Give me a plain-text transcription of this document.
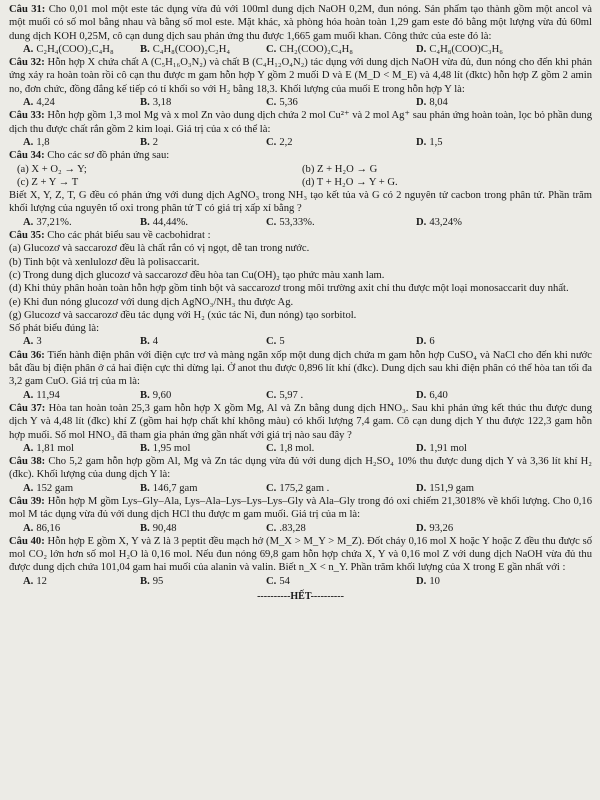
Câu 31: Cho 0,01 mol một este tác dụng vừa đủ với 100ml dung dịch NaOH 0,2M, đun nóng. Sản phẩm tạo thành gồm một ancol và một muối có số mol bằng nhau và bằng số mol este. Mặt khác, xà phòng hóa hoàn toàn 1,29 gam este đó bằng một lượng vừa đủ 60ml dung dịch KOH 0,25M, cô cạn dung dịch sau phản ứng thu được 1,665 gam muối khan. Công thức của este đó là:

A. C₂H₄(COO)₂C₄H₈	B. C₄H₈(COO)₂C₂H₄	C. CH₂(COO)₂C₄H₈	D. C₄H₈(COO)C₃H₆

Câu 32: Hỗn hợp X chứa chất A (C₅H₁₆O₃N₂) và chất B (C₄H₁₂O₄N₂) tác dụng với dung dịch NaOH vừa đủ, đun nóng cho đến khi phản ứng xảy ra hoàn toàn rồi cô cạn thu được m gam hỗn hợp Y gồm 2 muối D và E (M_D < M_E) và 4,48 lít (đktc) hỗn hợp Z gồm 2 amin no, đơn chức, đồng đẳng kế tiếp có tỉ khối so với H₂ bằng 18,3. Khối lượng của muối E trong hỗn hợp Y là:

A. 4,24	B. 3,18	C. 5,36	D. 8,04

Câu 33: Hỗn hợp gồm 1,3 mol Mg và x mol Zn vào dung dịch chứa 2 mol Cu²⁺ và 2 mol Ag⁺ sau phản ứng hoàn toàn, lọc bỏ phần dung dịch thu được chất rắn gồm 2 kim loại. Giá trị của x có thể là:

A. 1,8	B. 2	C. 2,2	D. 1,5

Câu 34: Cho các sơ đồ phản ứng sau:

(a) X + O₂ → Y;	(b) Z + H₂O → G
(c) Z + Y → T	(d) T + H₂O → Y + G.

Biết X, Y, Z, T, G đều có phản ứng với dung dịch AgNO₃ trong NH₃ tạo kết tủa và G có 2 nguyên tử cacbon trong phân tử. Phần trăm khối lượng của nguyên tố oxi trong phân tử T có giá trị xấp xỉ bằng ?

A. 37,21%.	B. 44,44%.	C. 53,33%.	D. 43,24%

Câu 35: Cho các phát biểu sau về cacbohidrat :

(a) Glucozơ và saccarozơ đều là chất rắn có vị ngọt, dễ tan trong nước.

(b) Tinh bột và xenlulozơ đều là polisaccarit.

(c) Trong dung dịch glucozơ và saccarozơ đều hòa tan Cu(OH)₂ tạo phức màu xanh lam.

(d) Khi thủy phân hoàn toàn hỗn hợp gồm tinh bột và saccarozơ trong môi trường axit chỉ thu được một loại monosaccarit duy nhất.

(e) Khi đun nóng glucozơ với dung dịch AgNO₃/NH₃ thu được Ag.

(g) Glucozơ và saccarozơ đều tác dụng với H₂ (xúc tác Ni, đun nóng) tạo sorbitol.

Số phát biểu đúng là:

A. 3	B. 4	C. 5	D. 6

Câu 36: Tiến hành điện phân với điện cực trơ và màng ngăn xốp một dung dịch chứa m gam hỗn hợp CuSO₄ và NaCl cho đến khi nước bắt đầu bị điện phân ở cả hai điện cực thì dừng lại. Ở anot thu được 0,896 lít khí (đkc). Dung dịch sau khi điện phân có thể hòa tan tối đa 3,2 gam CuO. Giá trị của m là:

A. 11,94	B. 9,60	C. 5,97 .	D. 6,40

Câu 37: Hòa tan hoàn toàn 25,3 gam hỗn hợp X gồm Mg, Al và Zn bằng dung dịch HNO₃. Sau khi phản ứng kết thúc thu được dung dịch Y và 4,48 lít (đkc) khí Z (gồm hai hợp chất khí không màu) có khối lượng 7,4 gam. Cô cạn dung dịch Y thu được 122,3 gam hỗn hợp muối. Số mol HNO₃ đã tham gia phản ứng gần nhất với giá trị nào sau đây ?

A. 1,81 mol	B. 1,95 mol	C. 1,8 mol.	D. 1,91 mol

Câu 38: Cho 5,2 gam hỗn hợp gồm Al, Mg và Zn tác dụng vừa đủ với dung dịch H₂SO₄ 10% thu được dung dịch Y và 3,36 lít khí H₂ (đkc). Khối lượng của dung dịch Y là:

A. 152 gam	B. 146,7 gam	C. 175,2 gam .	D. 151,9 gam

Câu 39: Hỗn hợp M gồm Lys–Gly–Ala, Lys–Ala–Lys–Lys–Lys–Gly và Ala–Gly trong đó oxi chiếm 21,3018% về khối lượng. Cho 0,16 mol M tác dụng vừa đủ với dung dịch HCl thu được m gam muối. Giá trị của m là:

A. 86,16	B. 90,48	C. .83,28	D. 93,26

Câu 40: Hỗn hợp E gồm X, Y và Z là 3 peptit đều mạch hở (M_X > M_Y > M_Z). Đốt cháy 0,16 mol X hoặc Y hoặc Z đều thu được số mol CO₂ lớn hơn số mol H₂O là 0,16 mol. Nếu đun nóng 69,8 gam hỗn hợp chứa X, Y và 0,16 mol Z với dung dịch NaOH vừa đủ thu được dung dịch chứa 101,04 gam hai muối của alanin và valin. Biết n_X < n_Y. Phần trăm khối lượng của X trong E gần nhất với :

A. 12	B. 95	C. 54	D. 10
----------HẾT----------
